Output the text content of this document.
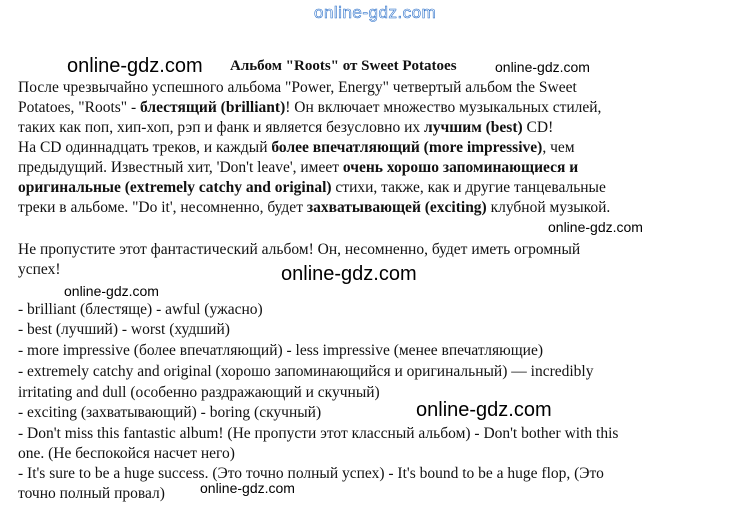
online-gdz.com
online-gdz.com	online-gdz.com
online-gdz.com
online-gdz.com
online-gdz.com
online-gdz.com
online-gdz.com
Альбом "Roots" от Sweet Potatoes
После чрезвычайно успешного альбома "Power, Energy" четвертый альбом the Sweet
Potatoes, "Roots" - блестящий (brilliant)! Он включает множество музыкальных стилей,
таких как поп, хип-хоп, рэп и фанк и является безусловно их лучшим (best) CD!
На CD одиннадцать треков, и каждый более впечатляющий (more impressive), чем
предыдущий. Известный хит, 'Don't leave', имеет очень хорошо запоминающиеся и
оригинальные (extremely catchy and original) стихи, также, как и другие танцевальные
треки в альбоме. "Do it', несомненно, будет захватывающей (exciting) клубной музыкой.
Не пропустите этот фантастический альбом! Он, несомненно, будет иметь огромный
успех!
- brilliant (блестяще) - awful (ужасно)
- best (лучший) - worst (худший)
- more impressive (более впечатляющий) - less impressive (менее впечатляющие)
- extremely catchy and original (хорошо запоминающийся и оригинальный) — incredibly
irritating and dull (особенно раздражающий и скучный)
- exciting (захватывающий) - boring (скучный)
- Don't miss this fantastic album! (Не пропусти этот классный альбом) - Don't bother with this
one. (Не беспокойся насчет него)
- It's sure to be a huge success. (Это точно полный успех) - It's bound to be a huge flop, (Это
точно полный провал)
